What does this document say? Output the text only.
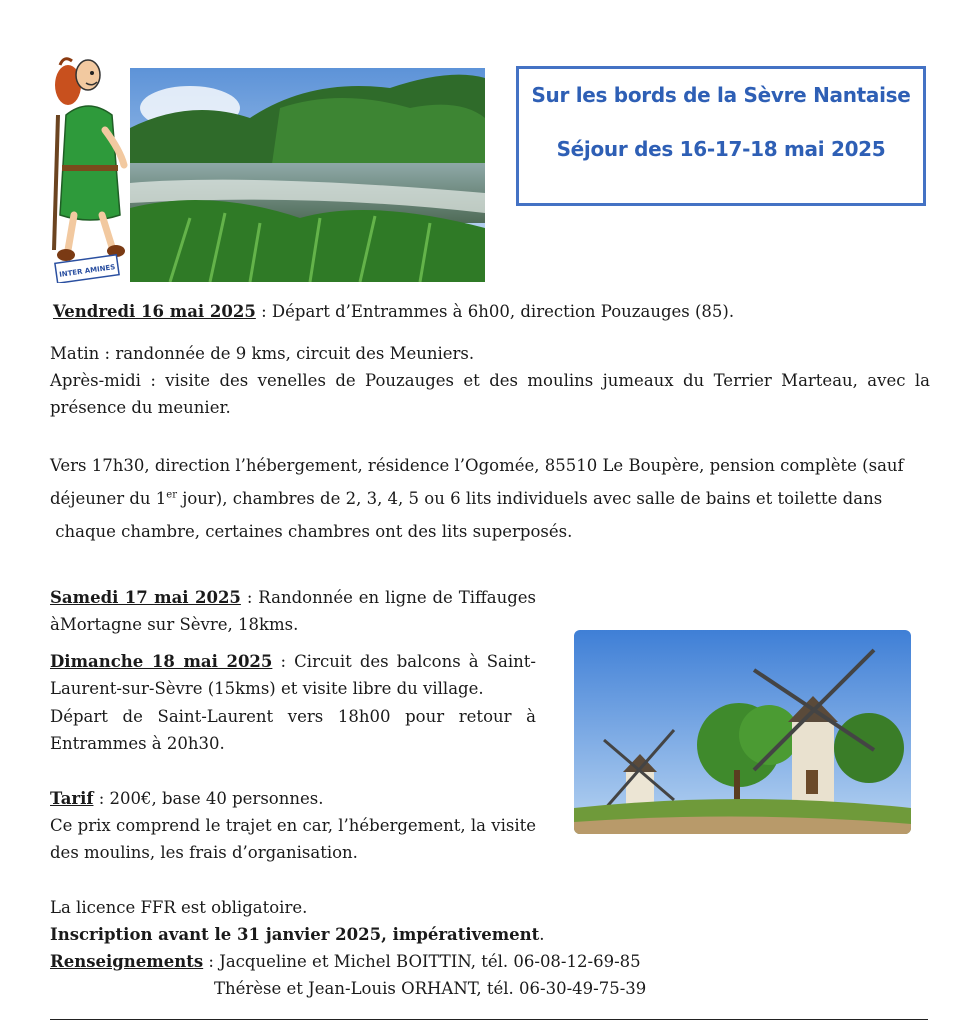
INTER AMINES
Sur les bords de la Sèvre Nantaise
Séjour des 16-17-18 mai 2025
Vendredi 16 mai 2025 : Départ d’Entrammes à 6h00, direction Pouzauges (85).
Matin : randonnée de 9 kms, circuit des Meuniers.
Après-midi : visite des venelles de Pouzauges et des moulins jumeaux du Terrier Marteau, avec la présence du meunier.
Vers 17h30, direction l’hébergement, résidence l’Ogomée, 85510 Le Boupère, pension complète (sauf déjeuner du 1er jour), chambres de 2, 3, 4, 5 ou 6 lits individuels avec salle de bains et toilette dans
chaque chambre, certaines chambres ont des lits superposés.
Samedi 17 mai 2025 : Randonnée en ligne de Tiffauges àMortagne sur Sèvre, 18kms.
Dimanche 18 mai 2025 : Circuit des balcons à Saint-Laurent-sur-Sèvre (15kms) et visite libre du village.
Départ de Saint-Laurent vers 18h00 pour retour à Entrammes à 20h30.
Tarif : 200€, base 40 personnes.
Ce prix comprend le trajet en car, l’hébergement, la visite des moulins, les frais d’organisation.
La licence FFR est obligatoire.
Inscription avant le 31 janvier 2025, impérativement.
Renseignements : Jacqueline et Michel BOITTIN, tél. 06-08-12-69-85
Thérèse et Jean-Louis ORHANT, tél. 06-30-49-75-39
